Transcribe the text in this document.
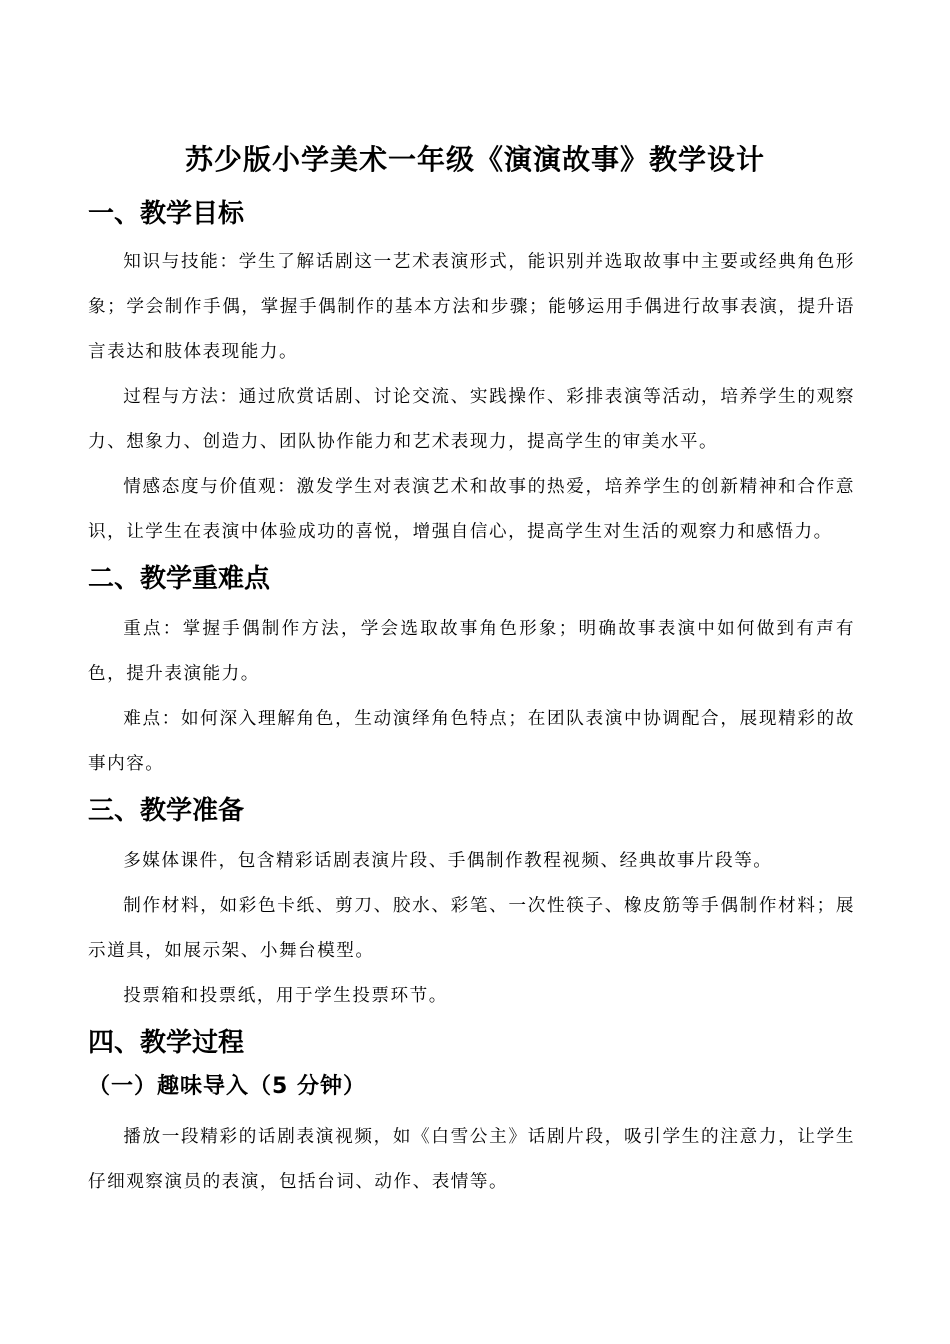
苏少版小学美术一年级《演演故事》教学设计
一、教学目标

知识与技能：学生了解话剧这一艺术表演形式，能识别并选取故事中主要或经典角色形象；学会制作手偶，掌握手偶制作的基本方法和步骤；能够运用手偶进行故事表演，提升语言表达和肢体表现能力。

过程与方法：通过欣赏话剧、讨论交流、实践操作、彩排表演等活动，培养学生的观察力、想象力、创造力、团队协作能力和艺术表现力，提高学生的审美水平。

情感态度与价值观：激发学生对表演艺术和故事的热爱，培养学生的创新精神和合作意识，让学生在表演中体验成功的喜悦，增强自信心，提高学生对生活的观察力和感悟力。

二、教学重难点

重点：掌握手偶制作方法，学会选取故事角色形象；明确故事表演中如何做到有声有色，提升表演能力。

难点：如何深入理解角色，生动演绎角色特点；在团队表演中协调配合，展现精彩的故事内容。

三、教学准备

多媒体课件，包含精彩话剧表演片段、手偶制作教程视频、经典故事片段等。

制作材料，如彩色卡纸、剪刀、胶水、彩笔、一次性筷子、橡皮筋等手偶制作材料；展示道具，如展示架、小舞台模型。

投票箱和投票纸，用于学生投票环节。

四、教学过程
（一）趣味导入（5 分钟）

播放一段精彩的话剧表演视频，如《白雪公主》话剧片段，吸引学生的注意力，让学生仔细观察演员的表演，包括台词、动作、表情等。
